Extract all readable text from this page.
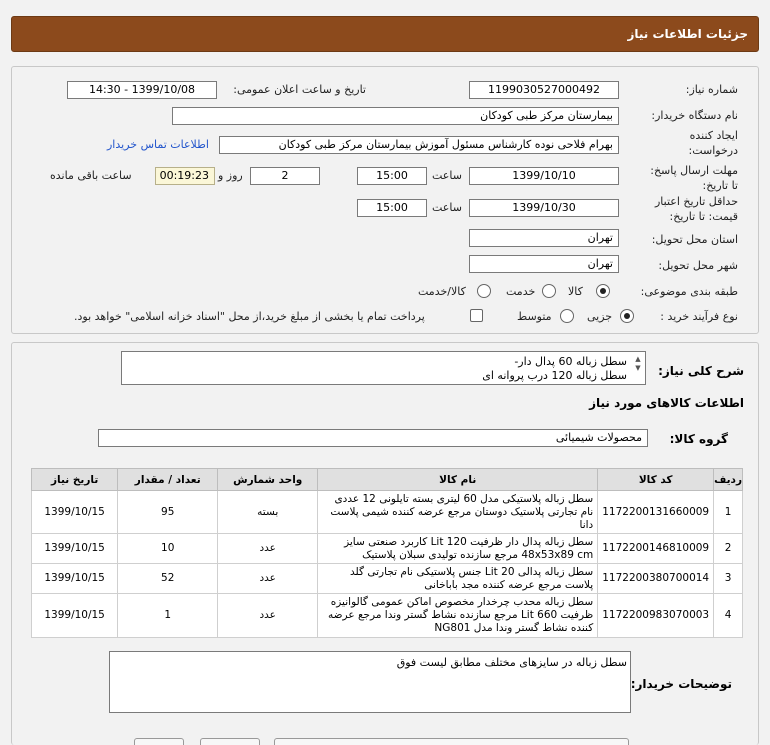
جزئیات اطلاعات نیاز
شماره نیاز:
1199030527000492
تاریخ و ساعت اعلان عمومی:
1399/10/08 - 14:30
نام دستگاه خریدار:
بیمارستان مرکز طبی کودکان
ایجاد کننده
درخواست:
بهرام فلاحی نوده کارشناس مسئول آموزش بیمارستان مرکز طبی کودکان
اطلاعات تماس خریدار
مهلت ارسال پاسخ:
تا تاریخ:
1399/10/10
ساعت
15:00
2
روز و
00:19:23
ساعت باقی مانده
حداقل تاریخ اعتبار
قیمت: تا تاریخ:
1399/10/30
ساعت
15:00
استان محل تحویل:
تهران
شهر محل تحویل:
تهران
طبقه بندی موضوعی:
کالا
خدمت
کالا/خدمت
نوع فرآیند خرید :
جزیی
متوسط
پرداخت تمام یا بخشی از مبلغ خرید،از محل "اسناد خزانه اسلامی" خواهد بود.
شرح کلی نیاز:
سطل زباله 60 پدال دار-
سطل زباله 120 درب پروانه ای
▲
▼
اطلاعات کالاهای مورد نیاز
گروه کالا:
محصولات شیمیائی
ردیف	کد کالا	نام کالا	واحد شمارش	تعداد / مقدار	تاریخ نیاز
1	1172200131660009	سطل زباله پلاستیکی مدل 60 لیتری بسته تایلونی 12 عددی نام تجارتی پلاستیک دوستان مرجع عرضه کننده شیمی پلاست دانا	بسته	95	1399/10/15
2	1172200146810009	سطل زباله پدال دار ظرفیت 120 Lit کاربرد صنعتی سایز 48x53x89 cm مرجع سازنده تولیدی سبلان پلاستیک	عدد	10	1399/10/15
3	1172200380700014	سطل زباله پدالی 20 Lit جنس پلاستیکی نام تجارتی گلد پلاست مرجع عرضه کننده مجد باباخانی	عدد	52	1399/10/15
4	1172200983070003	سطل زباله محدب چرخدار مخصوص اماکن عمومی گالوانیزه ظرفیت 660 Lit مرجع سازنده نشاط گستر وندا مرجع عرضه کننده نشاط گستر وندا مدل NG801	عدد	1	1399/10/15
توضیحات خریدار:
سطل زباله در سایزهای مختلف مطابق لیست فوق
